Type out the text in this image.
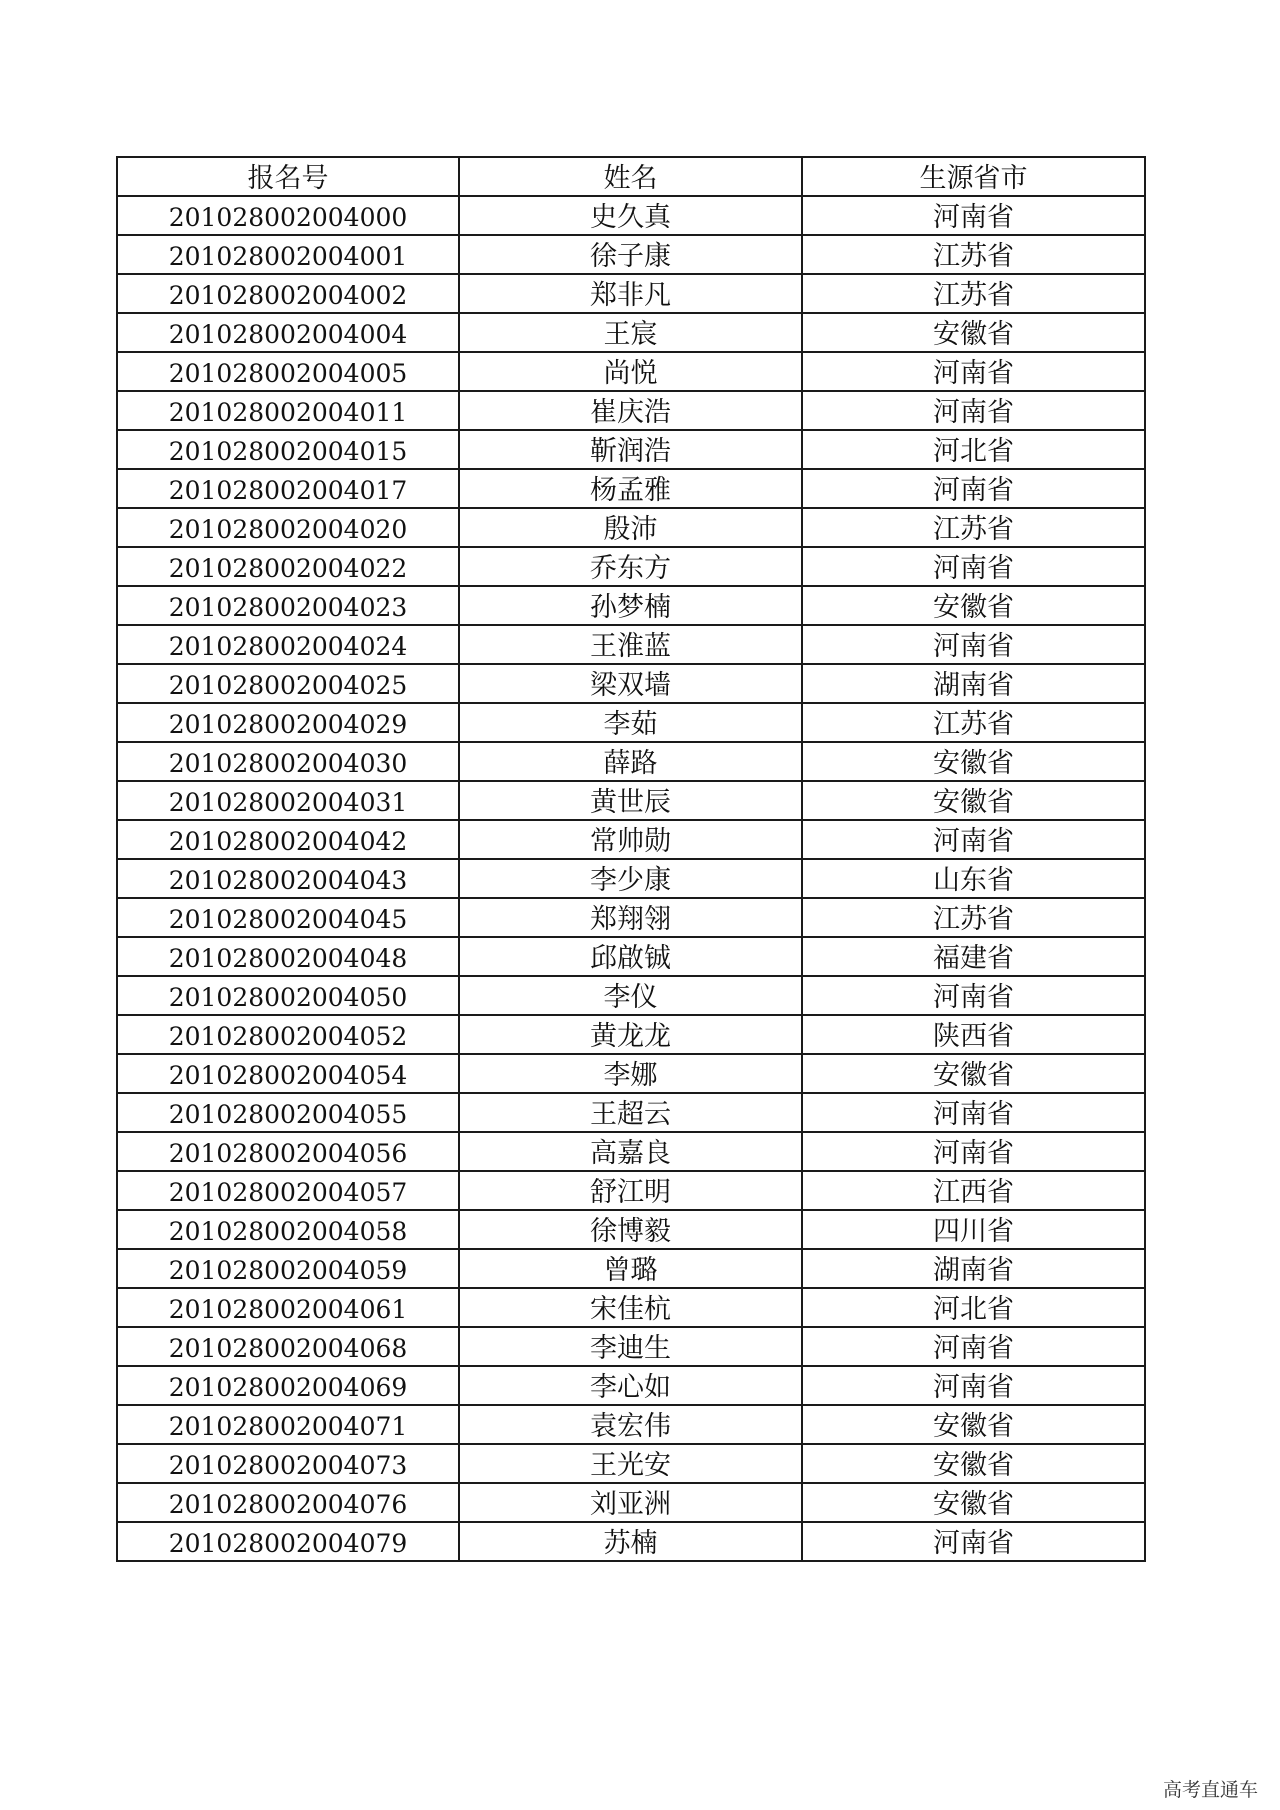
报名号	姓名	生源省市
201028002004000	史久真	河南省
201028002004001	徐子康	江苏省
201028002004002	郑非凡	江苏省
201028002004004	王宸	安徽省
201028002004005	尚悦	河南省
201028002004011	崔庆浩	河南省
201028002004015	靳润浩	河北省
201028002004017	杨孟雅	河南省
201028002004020	殷沛	江苏省
201028002004022	乔东方	河南省
201028002004023	孙梦楠	安徽省
201028002004024	王淮蓝	河南省
201028002004025	梁双墙	湖南省
201028002004029	李茹	江苏省
201028002004030	薛路	安徽省
201028002004031	黄世辰	安徽省
201028002004042	常帅勋	河南省
201028002004043	李少康	山东省
201028002004045	郑翔翎	江苏省
201028002004048	邱啟铖	福建省
201028002004050	李仪	河南省
201028002004052	黄龙龙	陕西省
201028002004054	李娜	安徽省
201028002004055	王超云	河南省
201028002004056	高嘉良	河南省
201028002004057	舒江明	江西省
201028002004058	徐博毅	四川省
201028002004059	曾璐	湖南省
201028002004061	宋佳杭	河北省
201028002004068	李迪生	河南省
201028002004069	李心如	河南省
201028002004071	袁宏伟	安徽省
201028002004073	王光安	安徽省
201028002004076	刘亚洲	安徽省
201028002004079	苏楠	河南省
高考直通车
